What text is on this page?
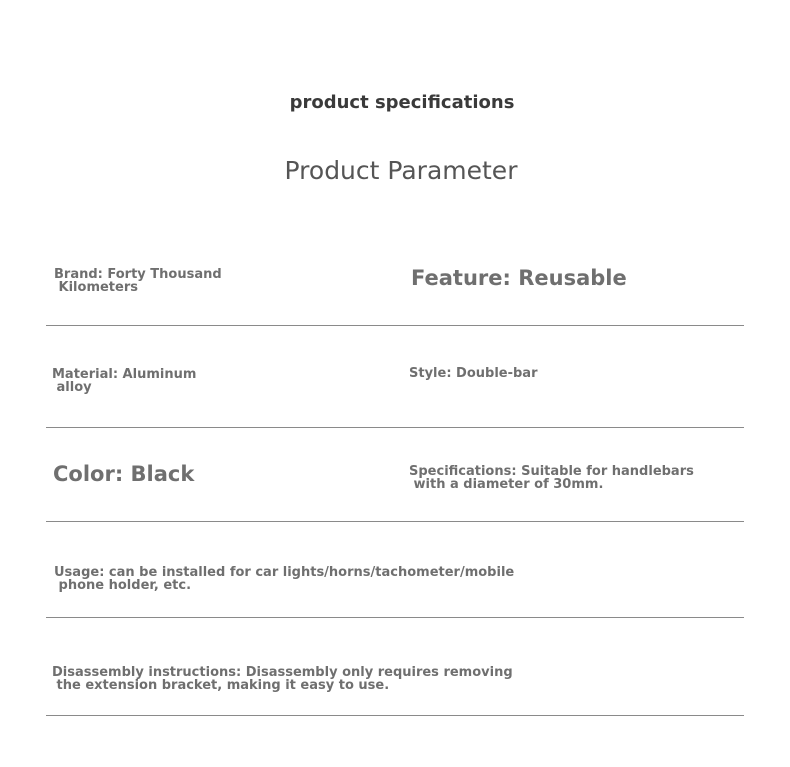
product specifications
Product Parameter
Brand: Forty Thousand
Kilometers	Feature: Reusable
Material: Aluminum
alloy
Style: Double-bar
Color: Black	Specifications: Suitable for handlebars
with a diameter of 30mm.
Usage: can be installed for car lights/horns/tachometer/mobile
phone holder, etc.
Disassembly instructions: Disassembly only requires removing
the extension bracket, making it easy to use.
